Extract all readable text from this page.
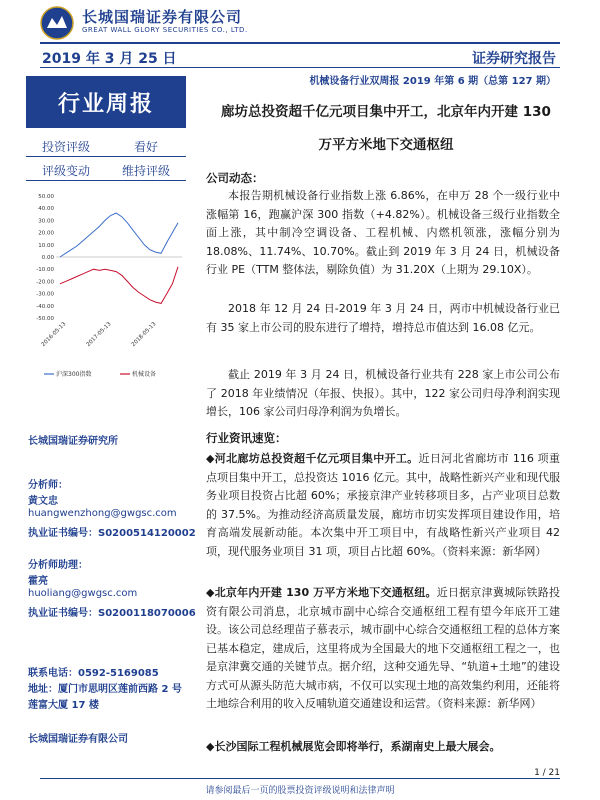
长城国瑞证券有限公司
GREAT WALL GLORY SECURITIES CO., LTD.
2019 年 3 月 25 日	证券研究报告
机械设备行业双周报 2019 年第 6 期（总第 127 期）
行业周报
投资评级	看好
评级变动	维持评级
50.00
40.00
30.00
20.00
10.00
0.00
-10.00
-20.00
-30.00
-40.00
-50.00
2016-05-13	2017-05-13	2018-05-13
沪深300指数	机械设备
长城国瑞证券研究所
分析师：
黄文忠
huangwenzhong@gwgsc.com
执业证书编号：S0200514120002
分析师助理：
霍亮
huoliang@gwgsc.com
执业证书编号：S0200118070006
联系电话：0592-5169085
地址：厦门市思明区莲前西路 2 号
莲富大厦 17 楼
长城国瑞证券有限公司
廊坊总投资超千亿元项目集中开工，北京年内开建 130
万平方米地下交通枢纽
公司动态：

本报告期机械设备行业指数上涨 6.86%，在申万 28 个一级行业中涨幅第 16，跑赢沪深 300 指数（+4.82%）。机械设备三级行业指数全面上涨，其中制冷空调设备、工程机械、内燃机领涨，涨幅分别为 18.08%、11.74%、10.70%。截止到 2019 年 3 月 24 日，机械设备行业 PE（TTM 整体法，剔除负值）为 31.20X（上期为 29.10X）。

2018 年 12 月 24 日-2019 年 3 月 24 日，两市中机械设备行业已有 35 家上市公司的股东进行了增持，增持总市值达到 16.08 亿元。

截止 2019 年 3 月 24 日，机械设备行业共有 228 家上市公司公布了 2018 年业绩情况（年报、快报）。其中，122 家公司归母净利润实现增长，106 家公司归母净利润为负增长。

行业资讯速览：

◆河北廊坊总投资超千亿元项目集中开工。近日河北省廊坊市 116 项重点项目集中开工，总投资达 1016 亿元。其中，战略性新兴产业和现代服务业项目投资占比超 60%；承接京津产业转移项目多，占产业项目总数的 37.5%。为推动经济高质量发展，廊坊市切实发挥项目建设作用，培育高端发展新动能。本次集中开工项目中，有战略性新兴产业项目 42 项，现代服务业项目 31 项，项目占比超 60%。（资料来源：新华网）

◆北京年内开建 130 万平方米地下交通枢纽。近日据京津冀城际铁路投资有限公司消息，北京城市副中心综合交通枢纽工程有望今年底开工建设。该公司总经理苗子慕表示，城市副中心综合交通枢纽工程的总体方案已基本稳定，建成后，这里将成为全国最大的地下交通枢纽工程之一，也是京津冀交通的关键节点。据介绍，这种交通先导、“轨道+土地”的建设方式可从源头防范大城市病，不仅可以实现土地的高效集约利用，还能将土地综合利用的收入反哺轨道交通建设和运营。（资料来源：新华网）

◆长沙国际工程机械展览会即将举行，系湖南史上最大展会。

1 / 21
请参阅最后一页的股票投资评级说明和法律声明
